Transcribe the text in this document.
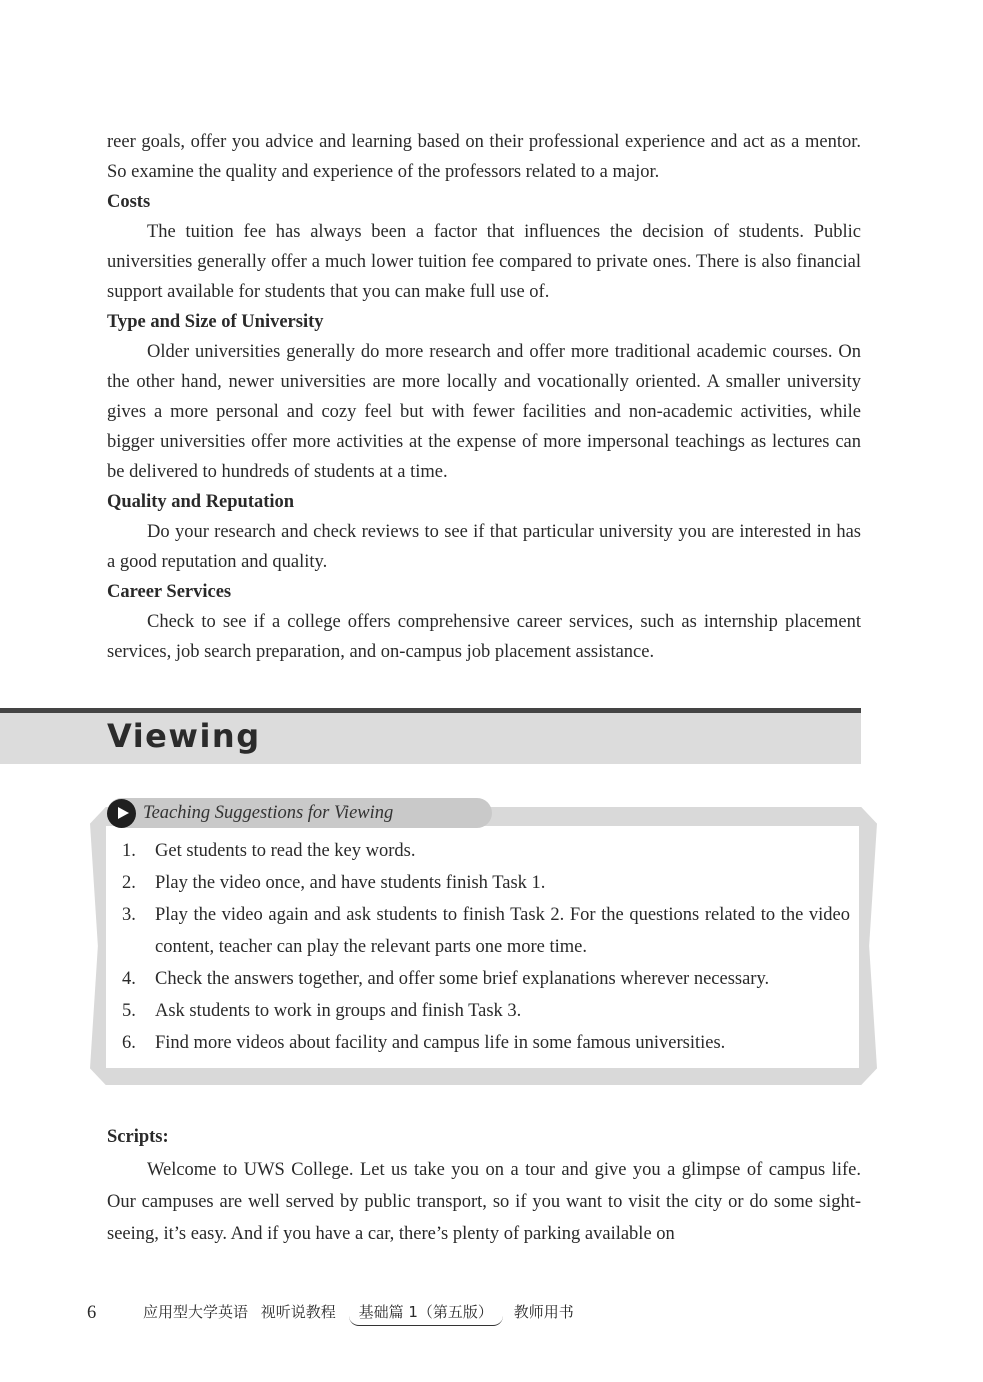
reer goals, offer you advice and learning based on their professional experience and act as a mentor. So examine the quality and experience of the professors related to a major.

Costs

The tuition fee has always been a factor that influences the decision of students. Public universities generally offer a much lower tuition fee compared to private ones. There is also financial support available for students that you can make full use of.

Type and Size of University

Older universities generally do more research and offer more traditional academic courses. On the other hand, newer universities are more locally and vocationally oriented. A smaller university gives a more personal and cozy feel but with fewer facilities and non-academic activities, while bigger universities offer more activities at the expense of more impersonal teachings as lectures can be delivered to hundreds of students at a time.

Quality and Reputation

Do your research and check reviews to see if that particular university you are interested in has a good reputation and quality.

Career Services

Check to see if a college offers comprehensive career services, such as internship placement services, job search preparation, and on-campus job placement assistance.

Viewing

Teaching Suggestions for Viewing

1. Get students to read the key words.
2. Play the video once, and have students finish Task 1.
3. Play the video again and ask students to finish Task 2. For the questions related to the video content, teacher can play the relevant parts one more time.
4. Check the answers together, and offer some brief explanations wherever necessary.
5. Ask students to work in groups and finish Task 3.
6. Find more videos about facility and campus life in some famous universities.

Scripts:

Welcome to UWS College. Let us take you on a tour and give you a glimpse of campus life. Our campuses are well served by public transport, so if you want to visit the city or do some sight-seeing, it’s easy. And if you have a car, there’s plenty of parking available on

6	应用型大学英语 视听说教程 基础篇 1（第五版） 教师用书
